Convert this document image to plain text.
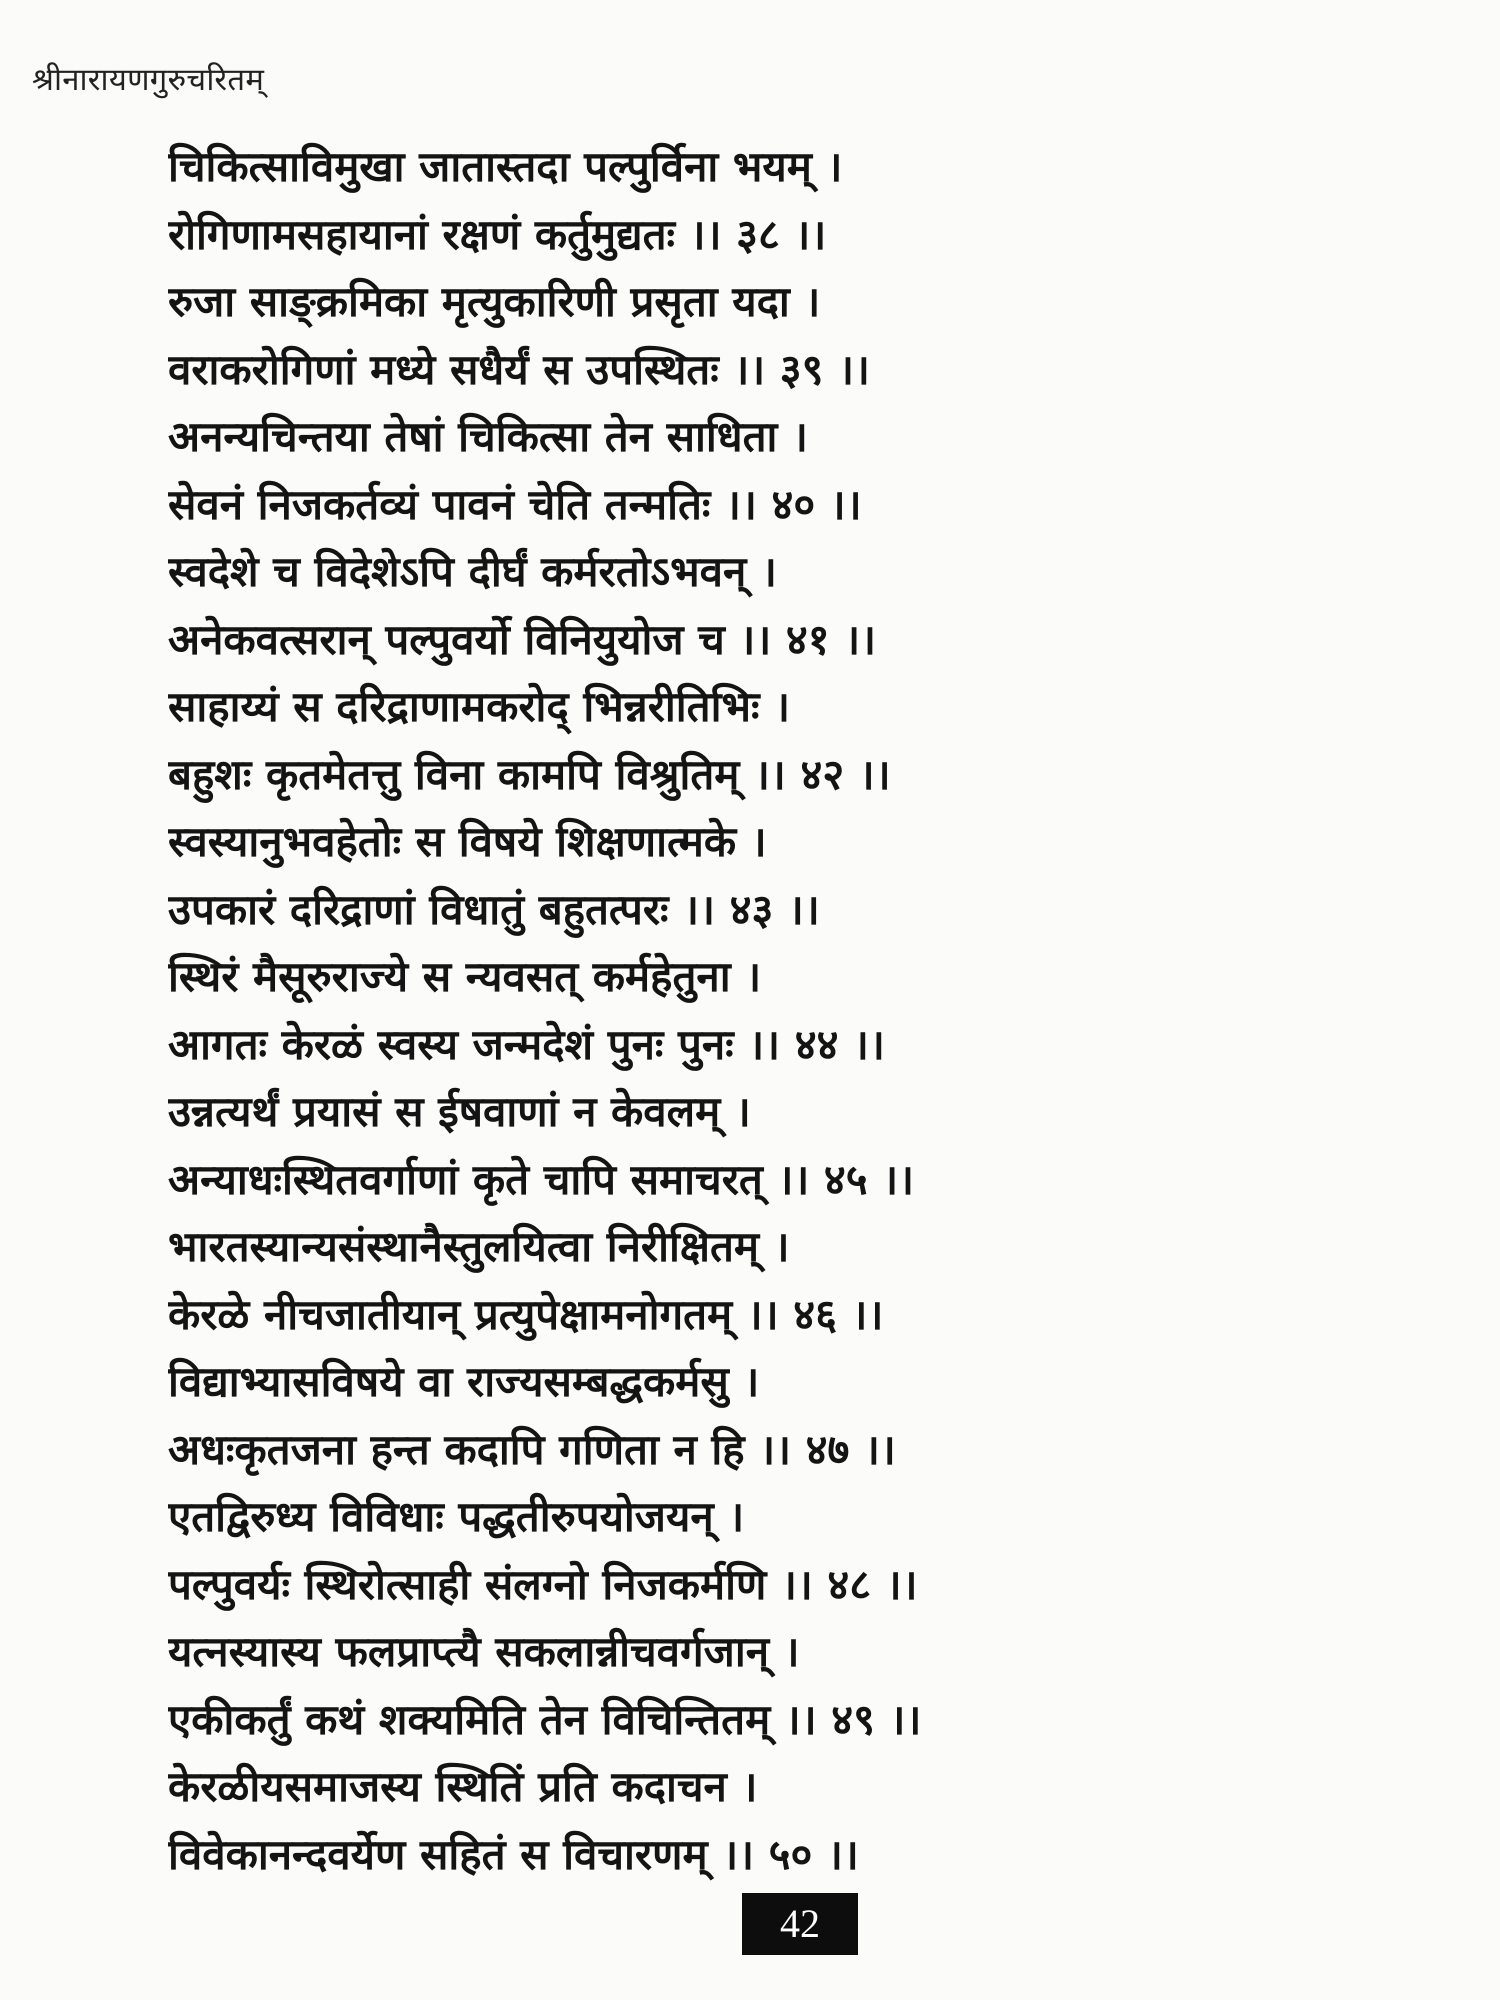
श्रीनारायणगुरुचरितम्
चिकित्साविमुखा जातास्तदा पल्पुर्विना भयम् ।
रोगिणामसहायानां रक्षणं कर्तुमुद्यतः ।। ३८ ।।
रुजा साङ्क्रमिका मृत्युकारिणी प्रसृता यदा ।
वराकरोगिणां मध्ये सधैर्यं स उपस्थितः ।। ३९ ।।
अनन्यचिन्तया तेषां चिकित्सा तेन साधिता ।
सेवनं निजकर्तव्यं पावनं चेति तन्मतिः ।। ४० ।।
स्वदेशे च विदेशेऽपि दीर्घं कर्मरतोऽभवन् ।
अनेकवत्सरान् पल्पुवर्यो विनियुयोज च ।। ४१ ।।
साहाय्यं स दरिद्राणामकरोद् भिन्नरीतिभिः ।
बहुशः कृतमेतत्तु विना कामपि विश्रुतिम् ।। ४२ ।।
स्वस्यानुभवहेतोः स विषये शिक्षणात्मके ।
उपकारं दरिद्राणां विधातुं बहुतत्परः ।। ४३ ।।
स्थिरं मैसूरुराज्ये स न्यवसत् कर्महेतुना ।
आगतः केरळं स्वस्य जन्मदेशं पुनः पुनः ।। ४४ ।।
उन्नत्यर्थं प्रयासं स ईषवाणां न केवलम् ।
अन्याधःस्थितवर्गाणां कृते चापि समाचरत् ।। ४५ ।।
भारतस्यान्यसंस्थानैस्तुलयित्वा निरीक्षितम् ।
केरळे नीचजातीयान् प्रत्युपेक्षामनोगतम् ।। ४६ ।।
विद्याभ्यासविषये वा राज्यसम्बद्धकर्मसु ।
अधःकृतजना हन्त कदापि गणिता न हि ।। ४७ ।।
एतद्विरुध्य विविधाः पद्धतीरुपयोजयन् ।
पल्पुवर्यः स्थिरोत्साही संलग्नो निजकर्मणि ।। ४८ ।।
यत्नस्यास्य फलप्राप्त्यै सकलान्नीचवर्गजान् ।
एकीकर्तुं कथं शक्यमिति तेन विचिन्तितम् ।। ४९ ।।
केरळीयसमाजस्य स्थितिं प्रति कदाचन ।
विवेकानन्दवर्येण सहितं स विचारणम् ।। ५० ।।
42
